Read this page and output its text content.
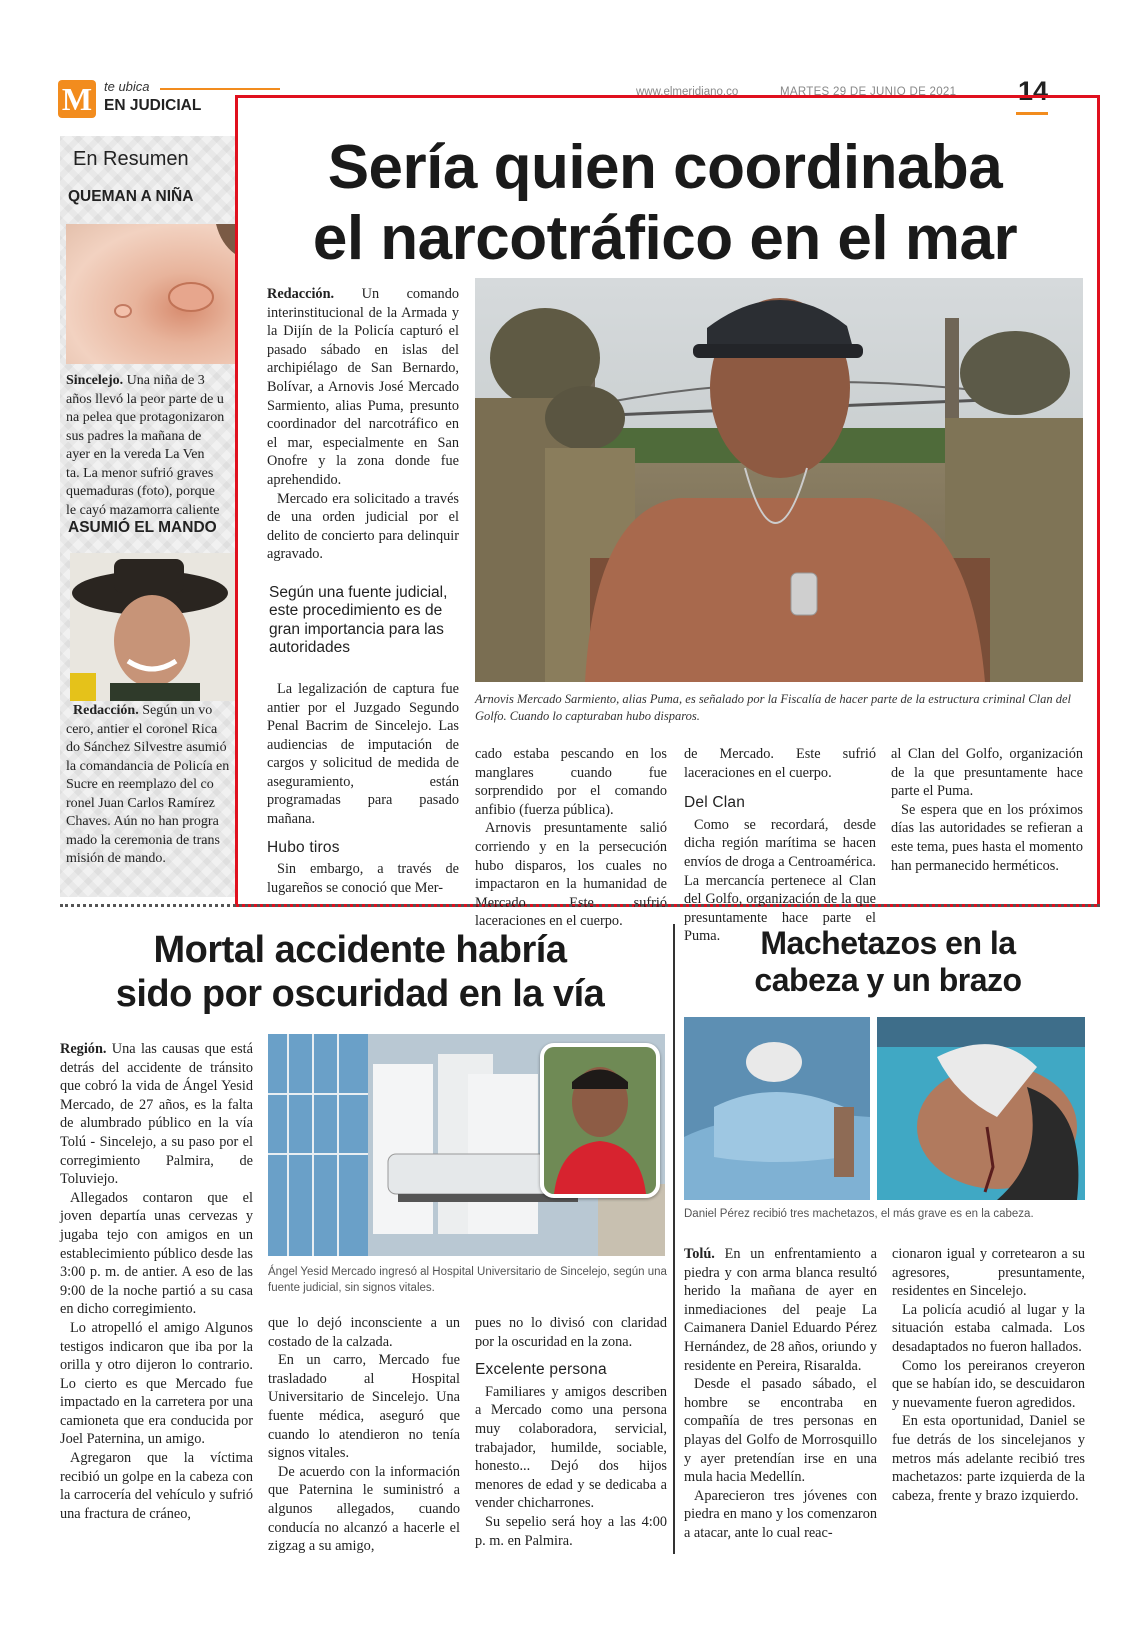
M te ubica
EN JUDICIAL
www.elmeridiano.co	MARTES 29 DE JUNIO DE 2021 14
En Resumen
QUEMAN A NIÑA
Sincelejo. Una niña de 3
años llevó la peor parte de u
na pelea que protagonizaron
sus padres la mañana de
ayer en la vereda La Ven
ta. La menor sufrió graves
quemaduras (foto), porque
le cayó mazamorra caliente
ASUMIÓ EL MANDO
Redacción. Según un vo
cero, antier el coronel Rica
do Sánchez Silvestre asumió
la comandancia de Policía en
Sucre en reemplazo del co
ronel Juan Carlos Ramírez
Chaves. Aún no han progra
mado la ceremonia de trans
misión de mando.
Sería quien coordinaba
el narcotráfico en el mar
Arnovis Mercado Sarmiento, alias Puma, es señalado por la Fiscalía de hacer parte de la estructura criminal Clan del Golfo. Cuando lo capturaban hubo disparos.

Redacción. Un comando interinstitucional de la Armada y la Dijín de la Policía capturó el pasado sábado en islas del archipiélago de San Bernardo, Bolívar, a Arnovis José Mercado Sarmiento, alias Puma, presunto coordinador del narcotráfico en el mar, especialmente en San Onofre y la zona donde fue aprehendido.

Mercado era solicitado a través de una orden judicial por el delito de concierto para delinquir agravado.

Según una fuente judicial, este procedimiento es de gran importancia para las autoridades

La legalización de captura fue antier por el Juzgado Segundo Penal Bacrim de Sincelejo. Las audiencias de imputación de cargos y solicitud de medida de aseguramiento, están programadas para pasado mañana.

Hubo tiros

Sin embargo, a través de lugareños se conoció que Mer-

cado estaba pescando en los manglares cuando fue sorprendido por el comando anfibio (fuerza pública).

Arnovis presuntamente salió corriendo y en la persecución hubo disparos, los cuales no impactaron en la humanidad de Mercado. Este sufrió laceraciones en el cuerpo.

de Mercado. Este sufrió laceraciones en el cuerpo.

Del Clan

Como se recordará, desde dicha región marítima se hacen envíos de droga a Centroamérica. La mercancía pertenece al Clan del Golfo, organización de la que presuntamente hace parte el Puma.

al Clan del Golfo, organización de la que presuntamente hace parte el Puma.

Se espera que en los próximos días las autoridades se refieran a este tema, pues hasta el momento han permanecido herméticos.

Mortal accidente habría
sido por oscuridad en la vía
Ángel Yesid Mercado ingresó al Hospital Universitario de Sincelejo, según una fuente judicial, sin signos vitales.

Región. Una las causas que está detrás del accidente de tránsito que cobró la vida de Ángel Yesid Mercado, de 27 años, es la falta de alumbrado público en la vía Tolú - Sincelejo, a su paso por el corregimiento Palmira, de Toluviejo.

Allegados contaron que el joven departía unas cervezas y jugaba tejo con amigos en un establecimiento público desde las 3:00 p. m. de antier. A eso de las 9:00 de la noche partió a su casa en dicho corregimiento.

Lo atropelló el amigo Algunos testigos indicaron que iba por la orilla y otro dijeron lo contrario. Lo cierto es que Mercado fue impactado en la carretera por una camioneta que era conducida por Joel Paternina, un amigo.

Agregaron que la víctima recibió un golpe en la cabeza con la carrocería del vehículo y sufrió una fractura de cráneo,

que lo dejó inconsciente a un costado de la calzada.

En un carro, Mercado fue trasladado al Hospital Universitario de Sincelejo. Una fuente médica, aseguró que cuando lo atendieron no tenía signos vitales.

De acuerdo con la información que Paternina le suministró a algunos allegados, cuando conducía no alcanzó a hacerle el zigzag a su amigo,

pues no lo divisó con claridad por la oscuridad en la zona.

Excelente persona

Familiares y amigos describen a Mercado como una persona muy colaboradora, servicial, trabajador, humilde, sociable, honesto... Dejó dos hijos menores de edad y se dedicaba a vender chicharrones.

Su sepelio será hoy a las 4:00 p. m. en Palmira.

Machetazos en la
cabeza y un brazo
Daniel Pérez recibió tres machetazos, el más grave es en la cabeza.

Tolú. En un enfrentamiento a piedra y con arma blanca resultó herido la mañana de ayer en inmediaciones del peaje La Caimanera Daniel Eduardo Pérez Hernández, de 28 años, oriundo y residente en Pereira, Risaralda.

Desde el pasado sábado, el hombre se encontraba en compañía de tres personas en playas del Golfo de Morrosquillo y ayer pretendían irse en una mula hacia Medellín.

Aparecieron tres jóvenes con piedra en mano y los comenzaron a atacar, ante lo cual reac-

cionaron igual y corretearon a su agresores, presuntamente, residentes en Sincelejo.

La policía acudió al lugar y la situación estaba calmada. Los desadaptados no fueron hallados.

Como los pereiranos creyeron que se habían ido, se descuidaron y nuevamente fueron agredidos.

En esta oportunidad, Daniel se fue detrás de los sincelejanos y metros más adelante recibió tres machetazos: parte izquierda de la cabeza, frente y brazo izquierdo.
